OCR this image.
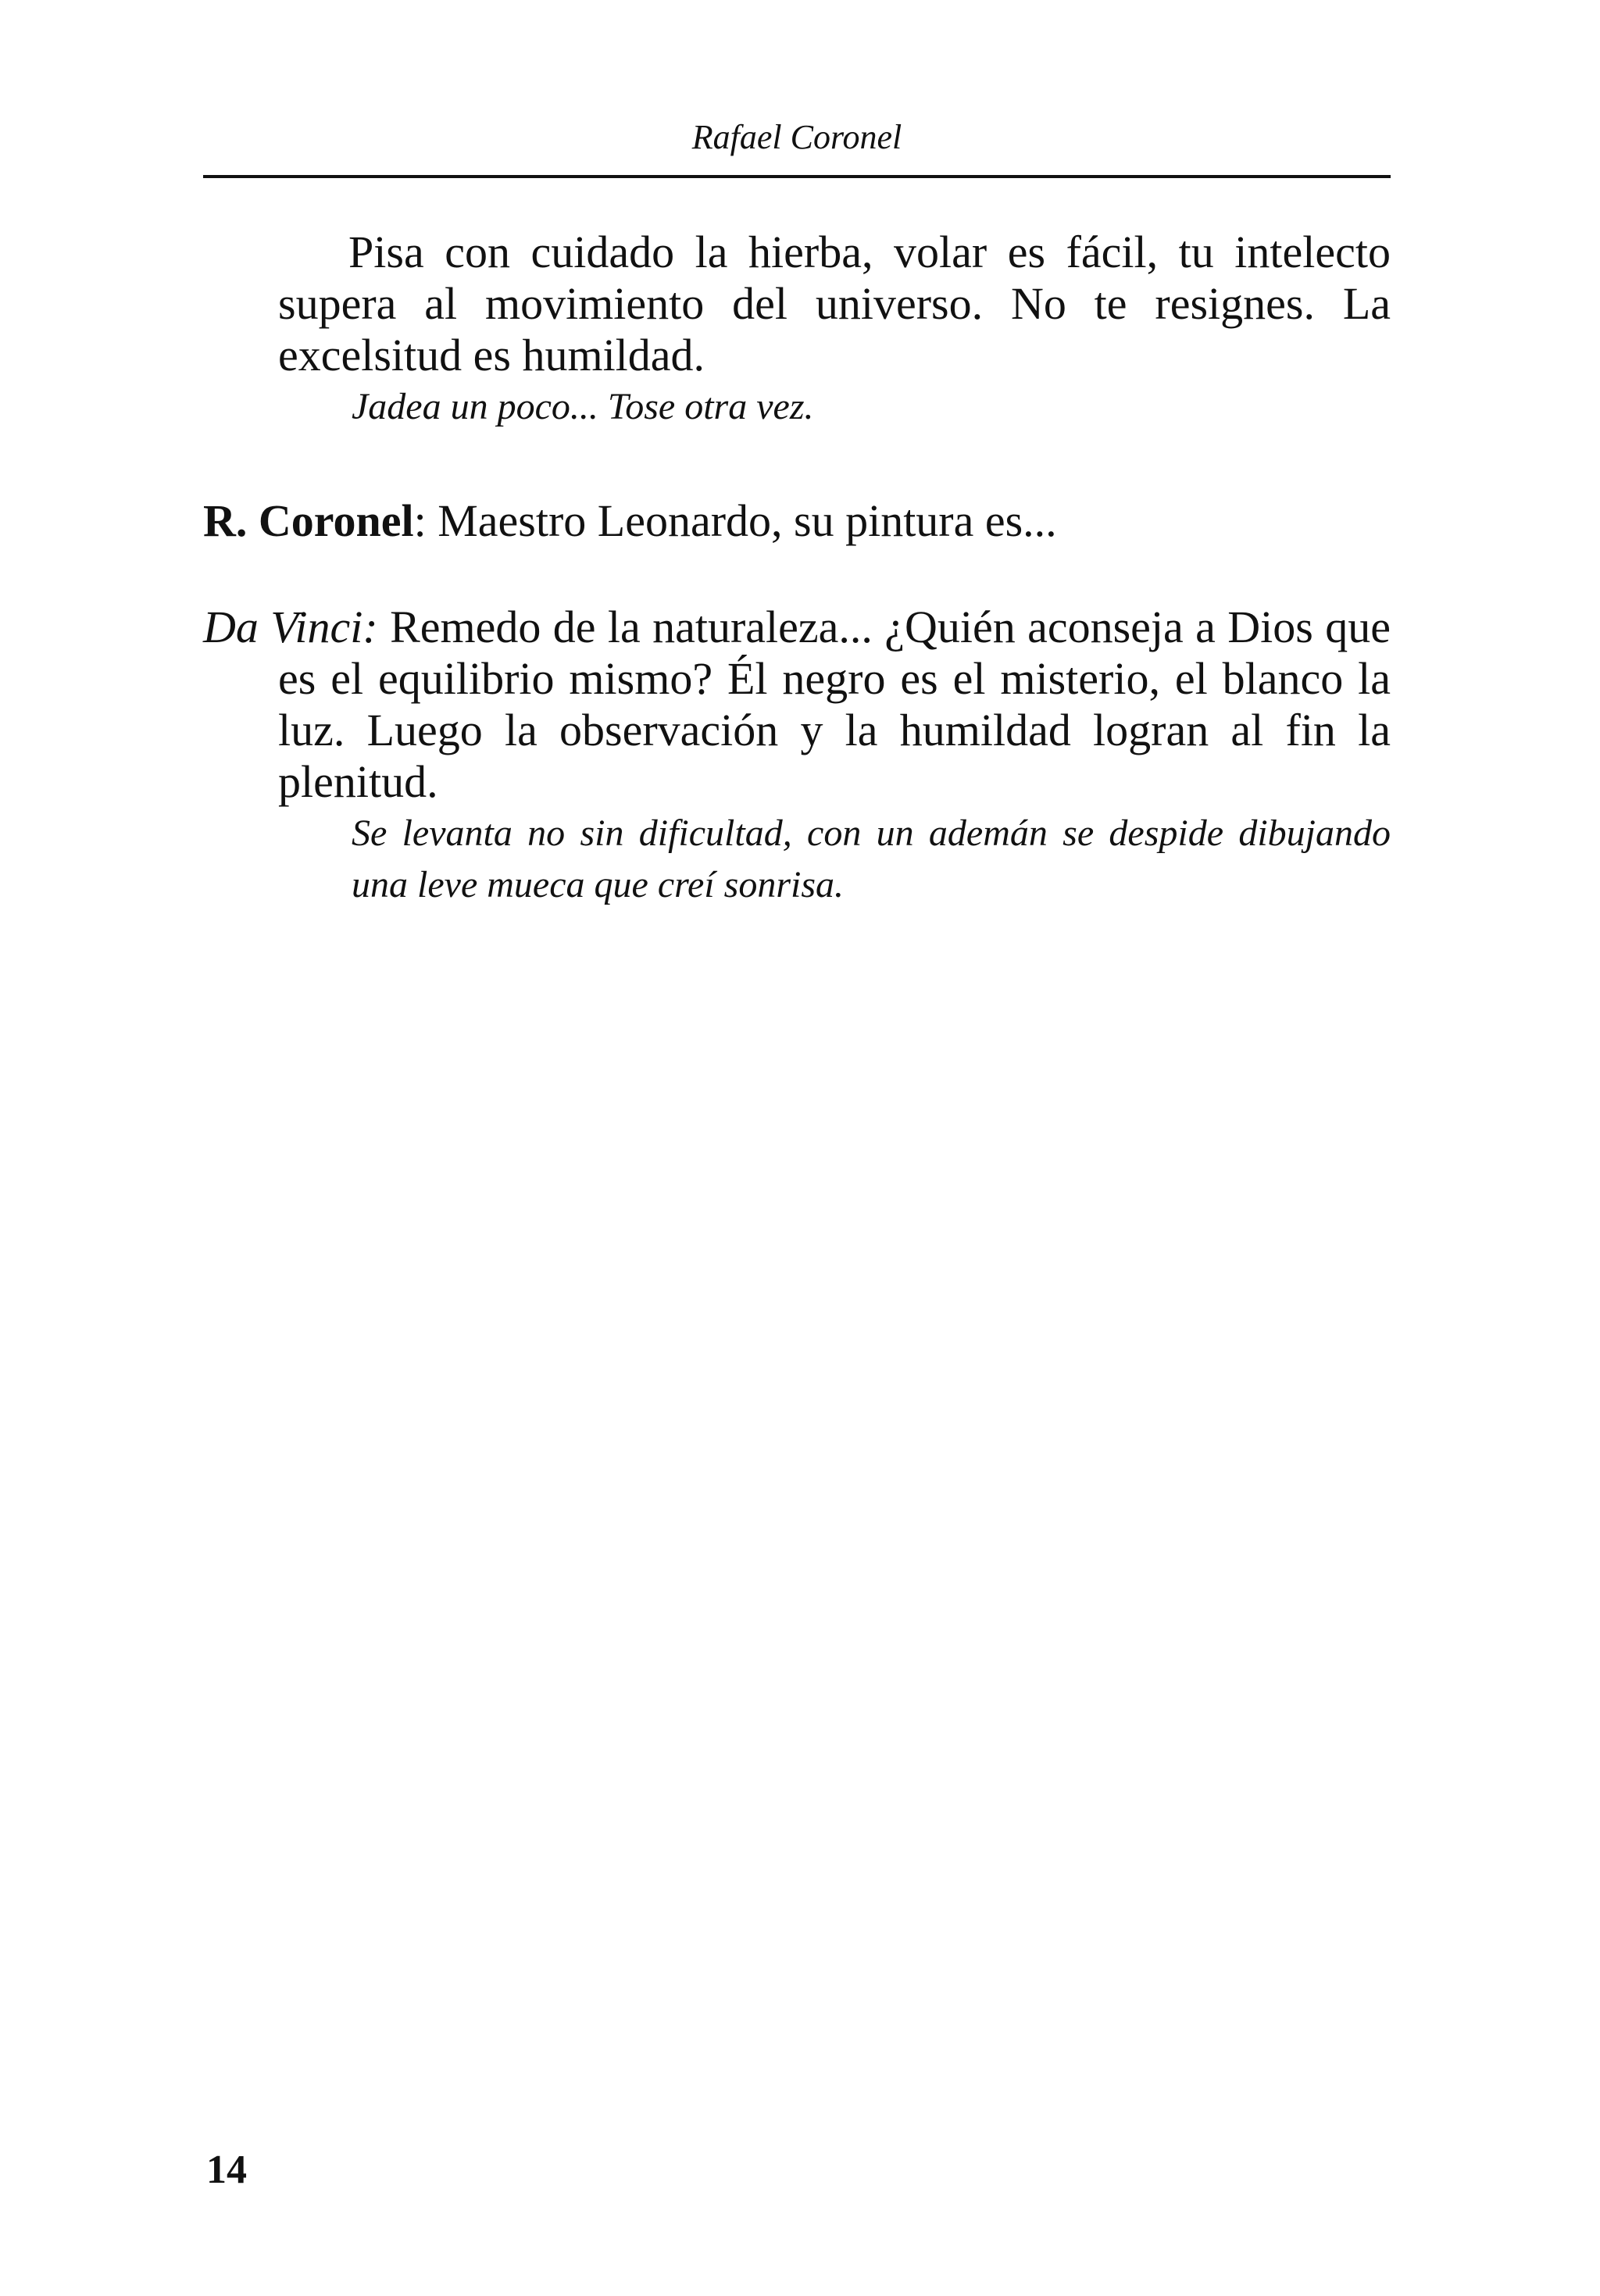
Rafael Coronel

Pisa con cuidado la hierba, volar es fácil, tu intelecto supera al movimiento del universo. No te resignes. La excelsitud es humildad.

Jadea un poco... Tose otra vez.

R. Coronel: Maestro Leonardo, su pintura es...

Da Vinci: Remedo de la naturaleza... ¿Quién aconseja a Dios que es el equilibrio mismo? Él negro es el misterio, el blanco la luz. Luego la observación y la humildad logran al fin la plenitud.

Se levanta no sin dificultad, con un ademán se despide dibujando una leve mueca que creí sonrisa.

14
